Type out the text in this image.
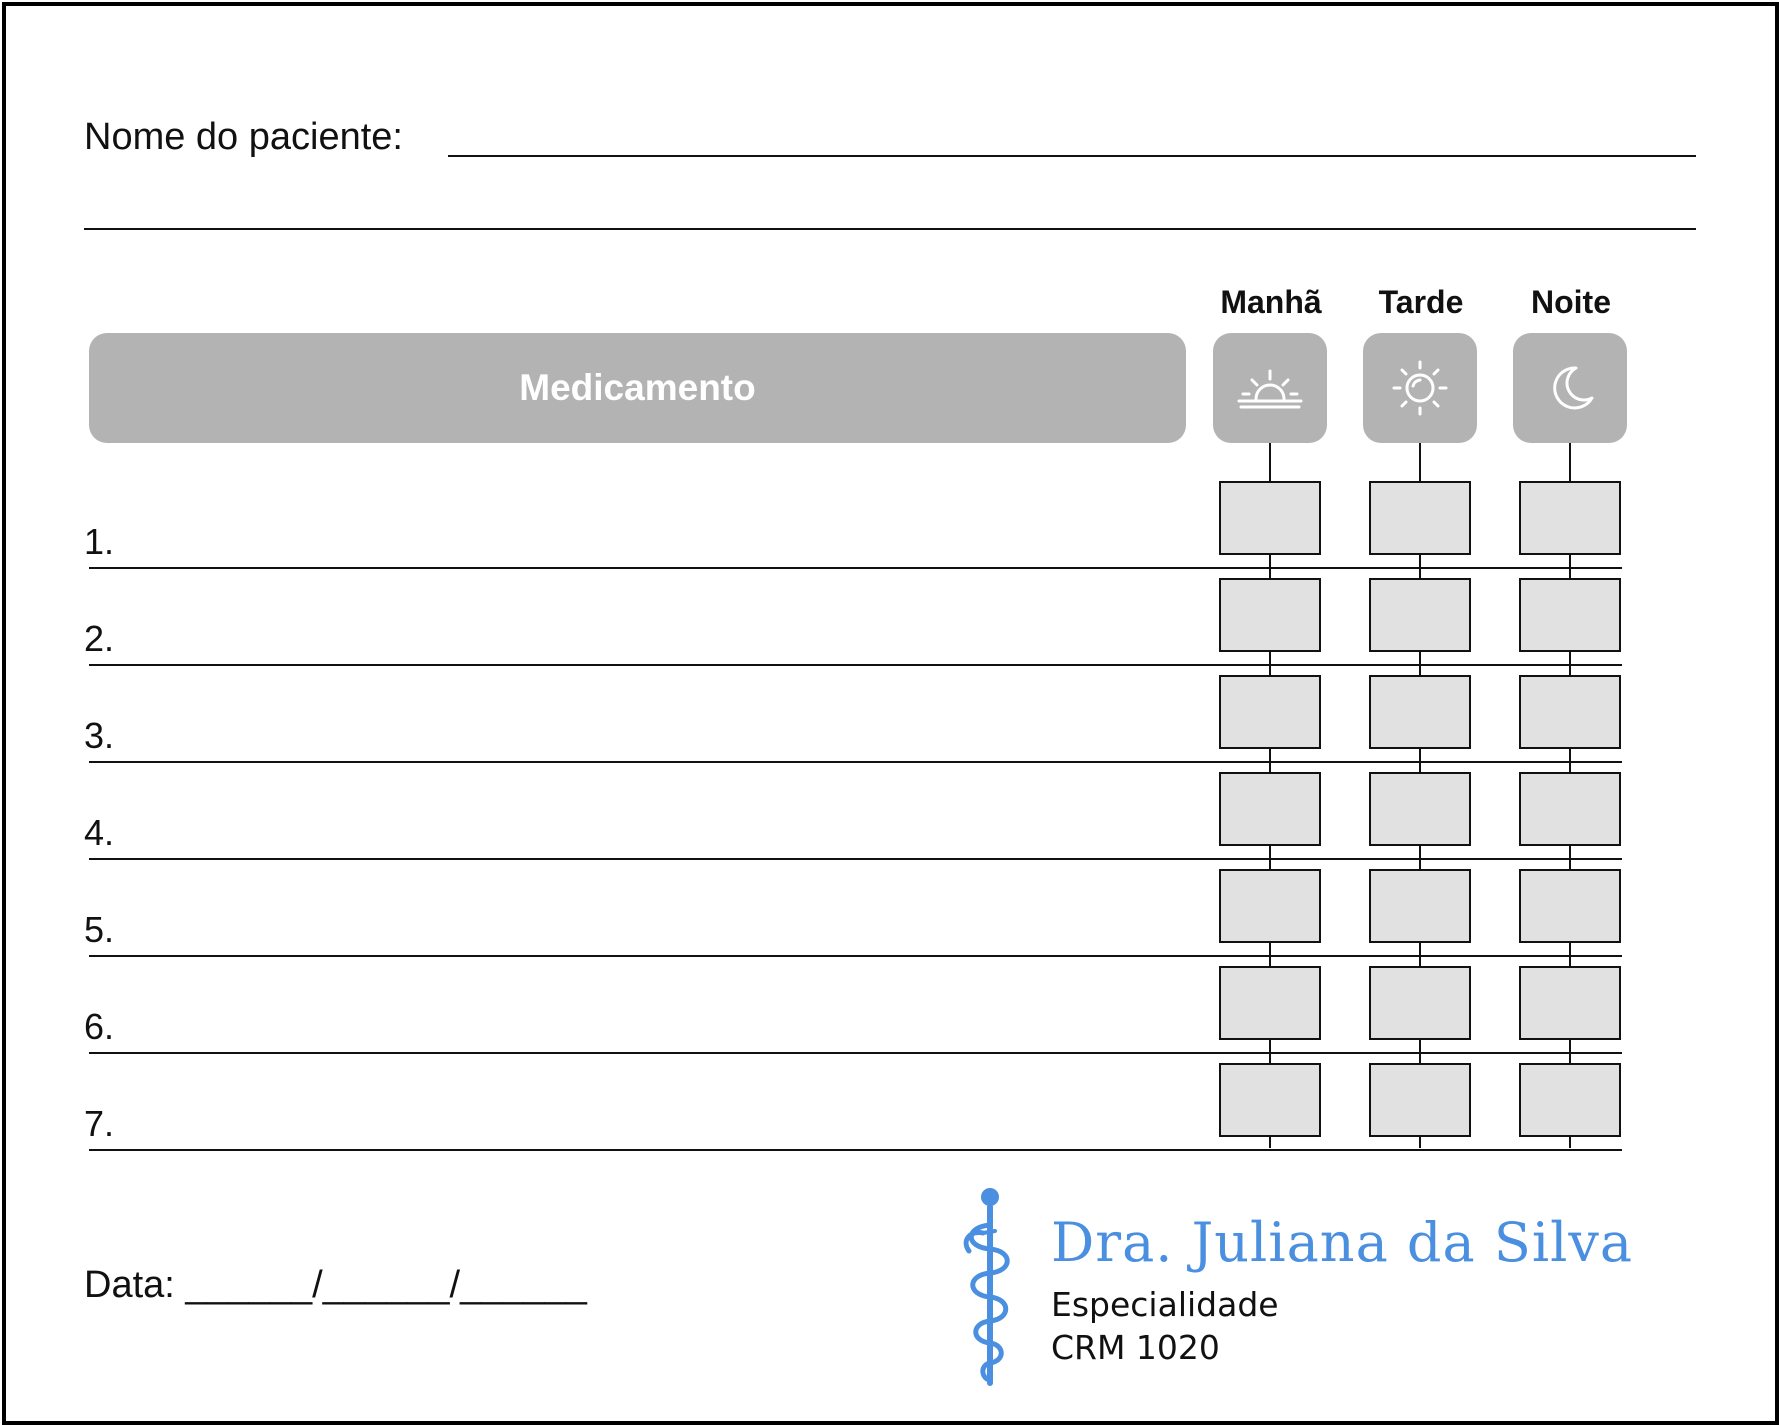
Nome do paciente:
Manhã	Tarde	Noite
Medicamento
1.
2.
3.
4.
5.
6.
7.
Data: ______/______/______
Dra. Juliana da Silva
Especialidade
CRM 1020
